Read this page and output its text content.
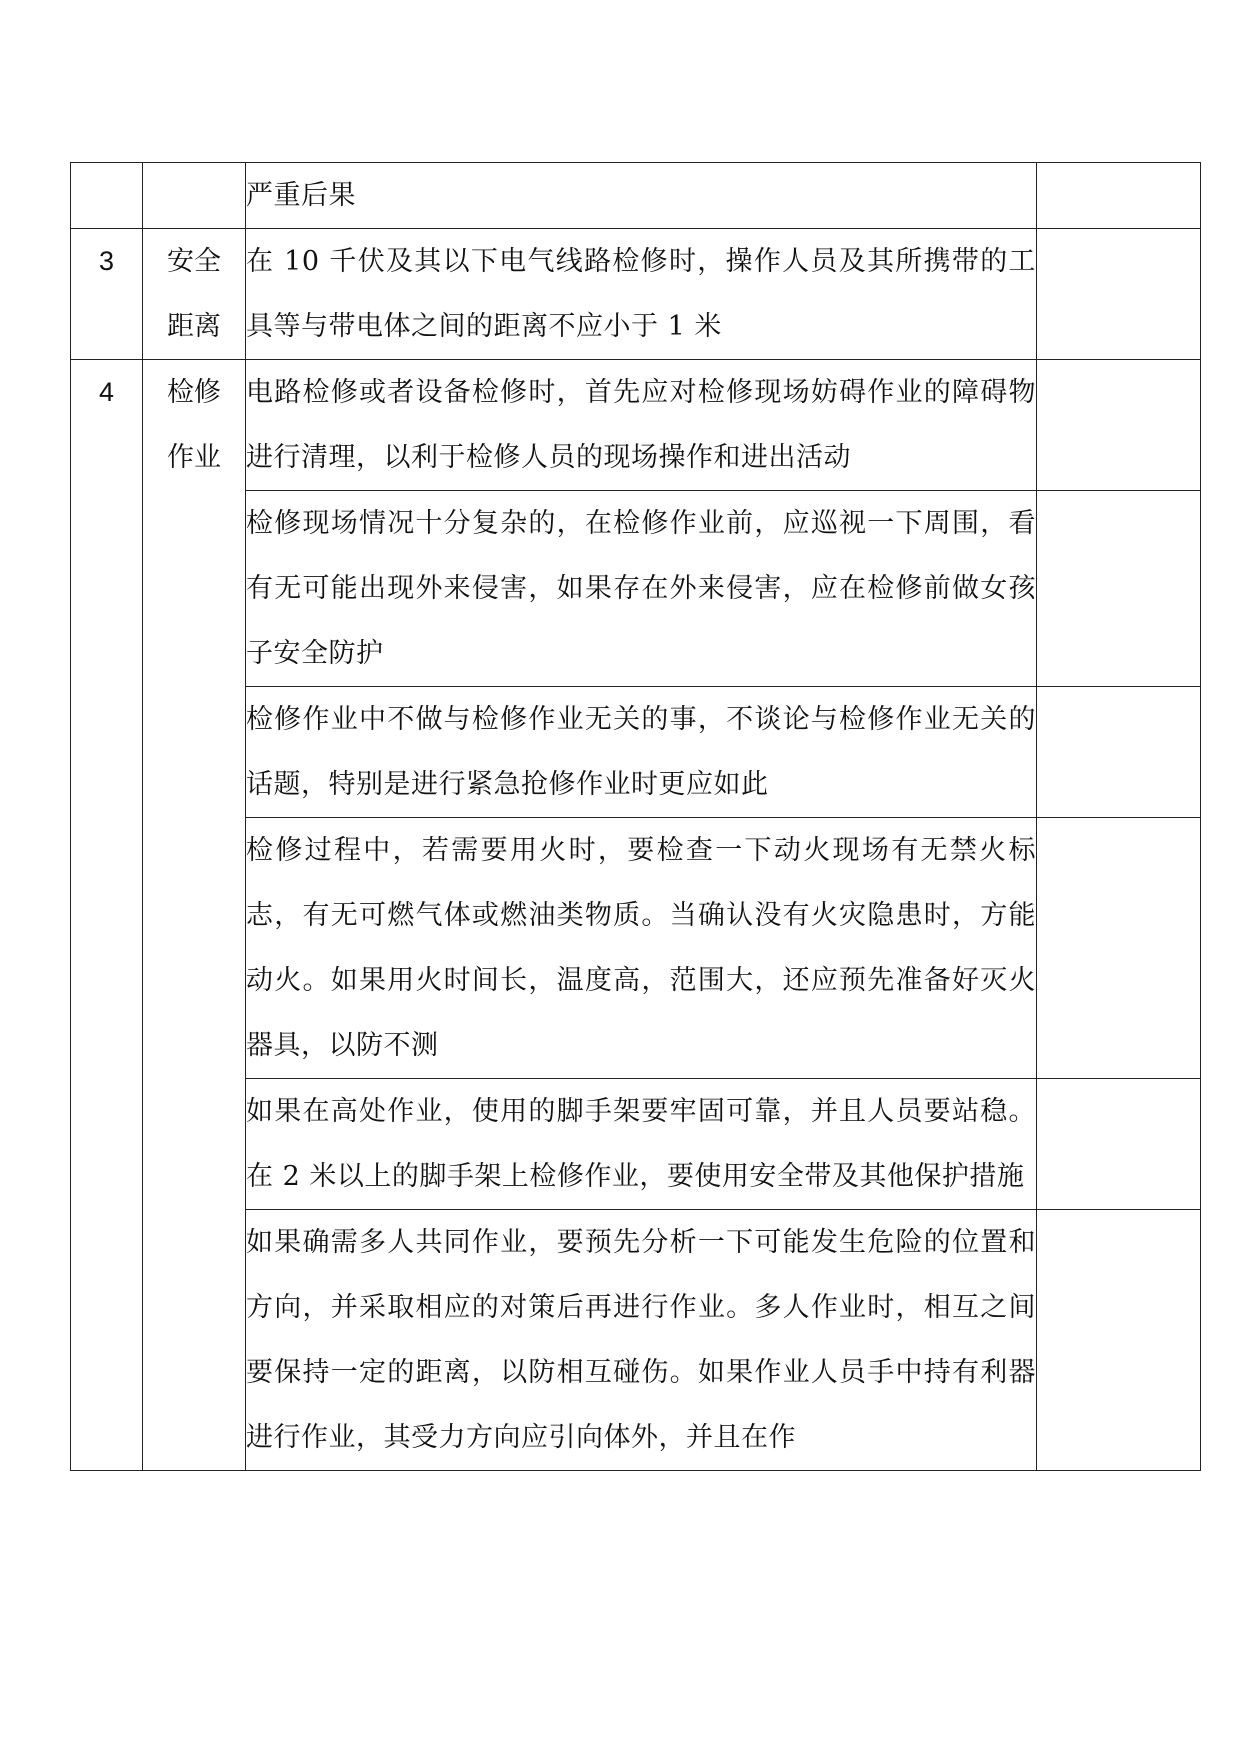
		严重后果	
3	安全距离	在 10 千伏及其以下电气线路检修时，操作人员及其所携带的工具等与带电体之间的距离不应小于 1 米	
4	检修作业	电路检修或者设备检修时，首先应对检修现场妨碍作业的障碍物进行清理，以利于检修人员的现场操作和进出活动	
		检修现场情况十分复杂的，在检修作业前，应巡视一下周围，看有无可能出现外来侵害，如果存在外来侵害，应在检修前做女孩子安全防护	
		检修作业中不做与检修作业无关的事，不谈论与检修作业无关的话题，特别是进行紧急抢修作业时更应如此	
		检修过程中，若需要用火时，要检查一下动火现场有无禁火标志，有无可燃气体或燃油类物质。当确认没有火灾隐患时，方能动火。如果用火时间长，温度高，范围大，还应预先准备好灭火器具，以防不测	
		如果在高处作业，使用的脚手架要牢固可靠，并且人员要站稳。在 2 米以上的脚手架上检修作业，要使用安全带及其他保护措施	
		如果确需多人共同作业，要预先分析一下可能发生危险的位置和方向，并采取相应的对策后再进行作业。多人作业时，相互之间要保持一定的距离，以防相互碰伤。如果作业人员手中持有利器进行作业，其受力方向应引向体外，并且在作	
